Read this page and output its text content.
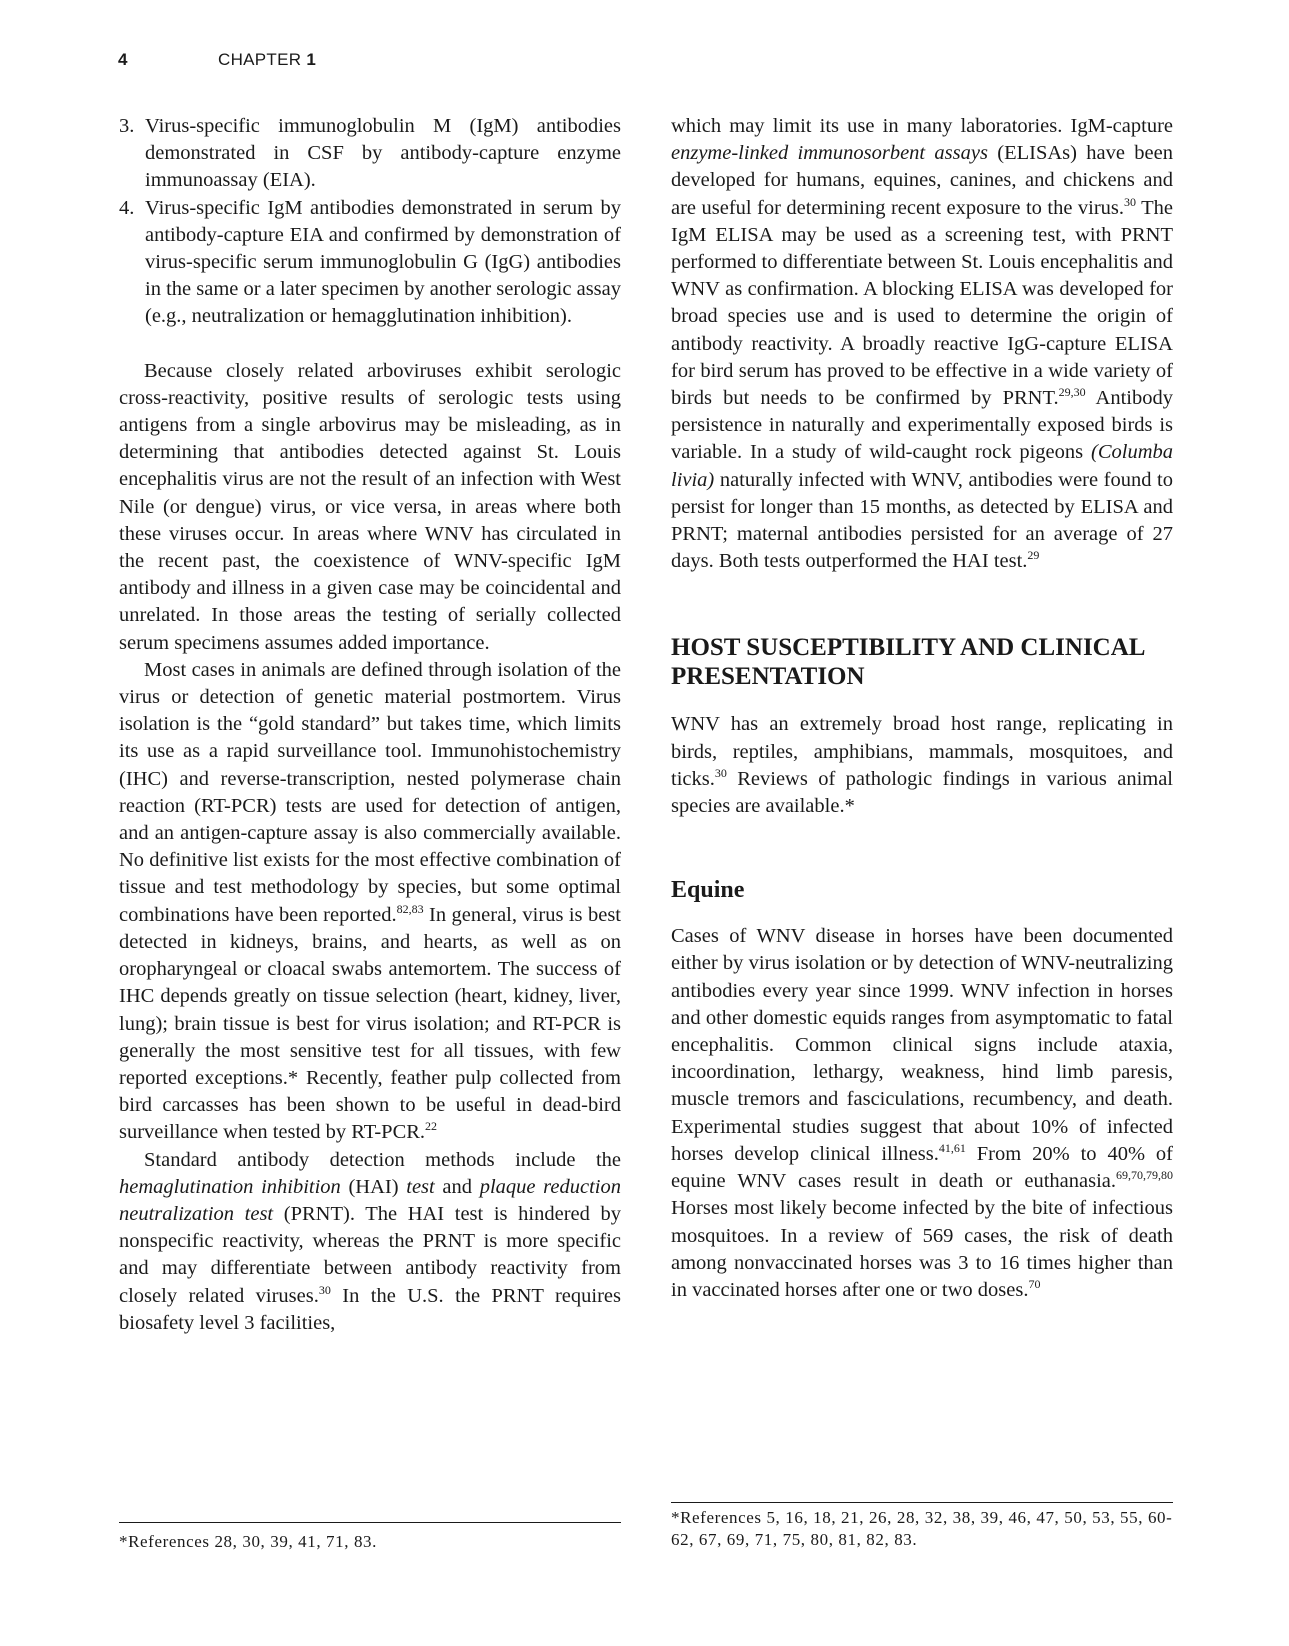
4	CHAPTER 1
3. Virus-specific immunoglobulin M (IgM) antibodies demonstrated in CSF by antibody-capture enzyme immunoassay (EIA).
4. Virus-specific IgM antibodies demonstrated in serum by antibody-capture EIA and confirmed by demonstration of virus-specific serum immunoglobulin G (IgG) antibodies in the same or a later specimen by another serologic assay (e.g., neutralization or hemagglutination inhibition).

Because closely related arboviruses exhibit serologic cross-reactivity, positive results of serologic tests using antigens from a single arbovirus may be misleading, as in determining that antibodies detected against St. Louis encephalitis virus are not the result of an infection with West Nile (or dengue) virus, or vice versa, in areas where both these viruses occur. In areas where WNV has circulated in the recent past, the coexistence of WNV-specific IgM antibody and illness in a given case may be coincidental and unrelated. In those areas the testing of serially collected serum specimens assumes added importance.

Most cases in animals are defined through isolation of the virus or detection of genetic material postmortem. Virus isolation is the “gold standard” but takes time, which limits its use as a rapid surveillance tool. Immunohistochemistry (IHC) and reverse-transcription, nested polymerase chain reaction (RT-PCR) tests are used for detection of antigen, and an antigen-capture assay is also commercially available. No definitive list exists for the most effective combination of tissue and test methodology by species, but some optimal combinations have been reported.$^{82,83}$ In general, virus is best detected in kidneys, brains, and hearts, as well as on oropharyngeal or cloacal swabs antemortem. The success of IHC depends greatly on tissue selection (heart, kidney, liver, lung); brain tissue is best for virus isolation; and RT-PCR is generally the most sensitive test for all tissues, with few reported exceptions.* Recently, feather pulp collected from bird carcasses has been shown to be useful in dead-bird surveillance when tested by RT-PCR.$^{22}$

Standard antibody detection methods include the hemaglutination inhibition (HAI) test and plaque reduction neutralization test (PRNT). The HAI test is hindered by nonspecific reactivity, whereas the PRNT is more specific and may differentiate between antibody reactivity from closely related viruses.$^{30}$ In the U.S. the PRNT requires biosafety level 3 facilities,

which may limit its use in many laboratories. IgM-capture enzyme-linked immunosorbent assays (ELISAs) have been developed for humans, equines, canines, and chickens and are useful for determining recent exposure to the virus.$^{30}$ The IgM ELISA may be used as a screening test, with PRNT performed to differentiate between St. Louis encephalitis and WNV as confirmation. A blocking ELISA was developed for broad species use and is used to determine the origin of antibody reactivity. A broadly reactive IgG-capture ELISA for bird serum has proved to be effective in a wide variety of birds but needs to be confirmed by PRNT.$^{29,30}$ Antibody persistence in naturally and experimentally exposed birds is variable. In a study of wild-caught rock pigeons (Columba livia) naturally infected with WNV, antibodies were found to persist for longer than 15 months, as detected by ELISA and PRNT; maternal antibodies persisted for an average of 27 days. Both tests outperformed the HAI test.$^{29}$

HOST SUSCEPTIBILITY AND CLINICAL PRESENTATION

WNV has an extremely broad host range, replicating in birds, reptiles, amphibians, mammals, mosquitoes, and ticks.$^{30}$ Reviews of pathologic findings in various animal species are available.*

Equine

Cases of WNV disease in horses have been documented either by virus isolation or by detection of WNV-neutralizing antibodies every year since 1999. WNV infection in horses and other domestic equids ranges from asymptomatic to fatal encephalitis. Common clinical signs include ataxia, incoordination, lethargy, weakness, hind limb paresis, muscle tremors and fasciculations, recumbency, and death. Experimental studies suggest that about 10% of infected horses develop clinical illness.$^{41,61}$ From 20% to 40% of equine WNV cases result in death or euthanasia.$^{69,70,79,80}$ Horses most likely become infected by the bite of infectious mosquitoes. In a review of 569 cases, the risk of death among nonvaccinated horses was 3 to 16 times higher than in vaccinated horses after one or two doses.$^{70}$

*References 28, 30, 39, 41, 71, 83.
*References 5, 16, 18, 21, 26, 28, 32, 38, 39, 46, 47, 50, 53, 55, 60-62, 67, 69, 71, 75, 80, 81, 82, 83.
